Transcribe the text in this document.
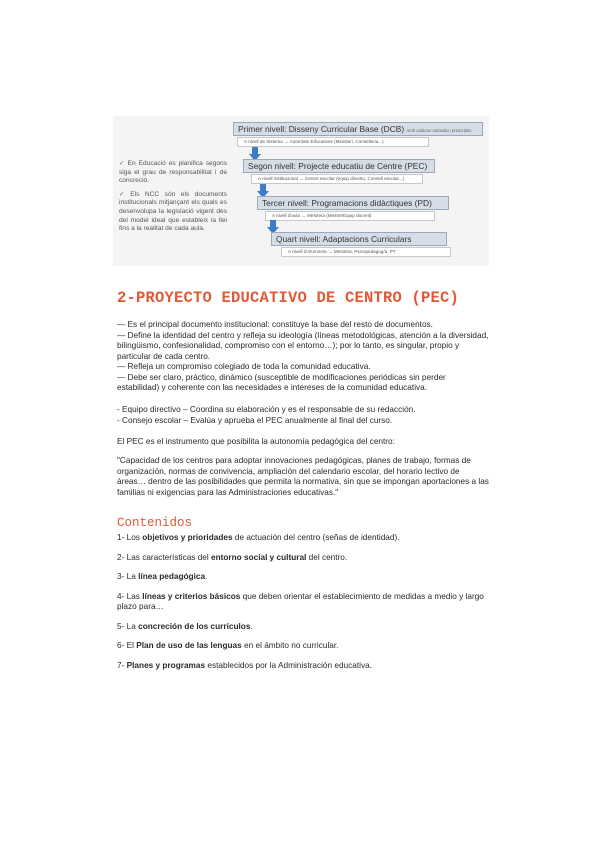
✓ En Educació es planifica segons siga el grau de responsabilitat i de concreció.

✓ Els NCC són els documents institucionals mitjançant els quals es desenvolupa la legislació vigent des del model ideal que estableix la llei fins a la realitat de cada aula.

Primer nivell: Disseny Curricular Base (DCB) Amb caràcter normatiu i prescriptiu
A nivell de Sistema → Autoritats Educatives (Ministeri, Conselleria...)
Segon nivell: Projecte educatiu de Centre (PEC)
A nivell institucional → Centre escolar (equip directiu, Consell escolar...)
Tercer nivell: Programacions didàctiques (PD)
A nivell d'aula → Mestre/a (Mestre/Equip docent)
Quart nivell: Adaptacions Curriculars
A nivell d'Alumne/a → Mestre/a, Psicopedagog/a, PT
2-PROYECTO EDUCATIVO DE CENTRO (PEC)

— Es el principal documento institucional: constituye la base del resto de documentos.

— Define la identidad del centro y refleja su ideología (líneas metodológicas, atención a la diversidad, bilingüismo, confesionalidad, compromiso con el entorno…); por lo tanto, es singular, propio y particular de cada centro.

— Refleja un compromiso colegiado de toda la comunidad educativa.

— Debe ser claro, práctico, dinámico (susceptible de modificaciones periódicas sin perder estabilidad) y coherente con las necesidades e intereses de la comunidad educativa.

- Equipo directivo – Coordina su elaboración y es el responsable de su redacción.

- Consejo escolar – Evalúa y aprueba el PEC anualmente al final del curso.

El PEC es el instrumento que posibilita la autonomía pedagógica del centro:

"Capacidad de los centros para adoptar innovaciones pedagógicas, planes de trabajo, formas de organización, normas de convivencia, ampliación del calendario escolar, del horario lectivo de áreas… dentro de las posibilidades que permita la normativa, sin que se impongan aportaciones a las familias ni exigencias para las Administraciones educativas."

Contenidos

1- Los objetivos y prioridades de actuación del centro (señas de identidad).

2- Las características del entorno social y cultural del centro.

3- La línea pedagógica.

4- Las líneas y criterios básicos que deben orientar el establecimiento de medidas a medio y largo plazo para…

5- La concreción de los currículos.

6- El Plan de uso de las lenguas en el ámbito no curricular.

7- Planes y programas establecidos por la Administración educativa.
